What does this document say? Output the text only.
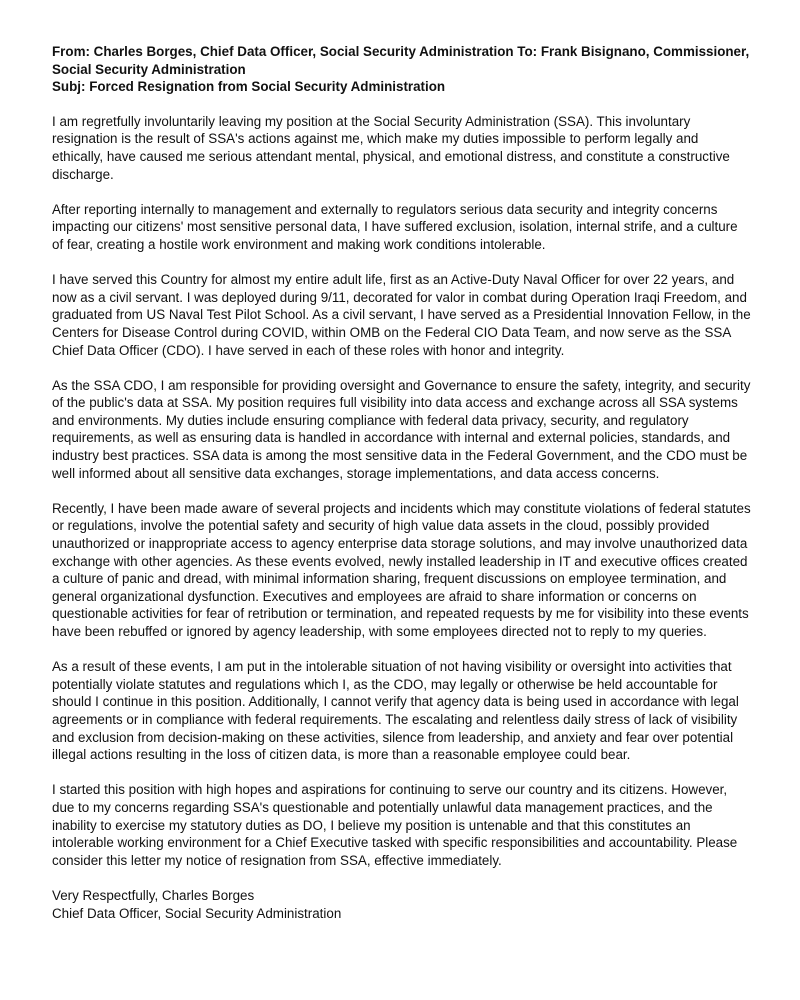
From: Charles Borges, Chief Data Officer, Social Security Administration To: Frank Bisignano, Commissioner, Social Security Administration
Subj: Forced Resignation from Social Security Administration

I am regretfully involuntarily leaving my position at the Social Security Administration (SSA). This involuntary resignation is the result of SSA's actions against me, which make my duties impossible to perform legally and ethically, have caused me serious attendant mental, physical, and emotional distress, and constitute a constructive discharge.

After reporting internally to management and externally to regulators serious data security and integrity concerns impacting our citizens' most sensitive personal data, I have suffered exclusion, isolation, internal strife, and a culture of fear, creating a hostile work environment and making work conditions intolerable.

I have served this Country for almost my entire adult life, first as an Active-Duty Naval Officer for over 22 years, and now as a civil servant. I was deployed during 9/11, decorated for valor in combat during Operation Iraqi Freedom, and graduated from US Naval Test Pilot School. As a civil servant, I have served as a Presidential Innovation Fellow, in the Centers for Disease Control during COVID, within OMB on the Federal CIO Data Team, and now serve as the SSA Chief Data Officer (CDO). I have served in each of these roles with honor and integrity.

As the SSA CDO, I am responsible for providing oversight and Governance to ensure the safety, integrity, and security of the public's data at SSA. My position requires full visibility into data access and exchange across all SSA systems and environments. My duties include ensuring compliance with federal data privacy, security, and regulatory requirements, as well as ensuring data is handled in accordance with internal and external policies, standards, and industry best practices. SSA data is among the most sensitive data in the Federal Government, and the CDO must be well informed about all sensitive data exchanges, storage implementations, and data access concerns.

Recently, I have been made aware of several projects and incidents which may constitute violations of federal statutes or regulations, involve the potential safety and security of high value data assets in the cloud, possibly provided unauthorized or inappropriate access to agency enterprise data storage solutions, and may involve unauthorized data exchange with other agencies. As these events evolved, newly installed leadership in IT and executive offices created a culture of panic and dread, with minimal information sharing, frequent discussions on employee termination, and general organizational dysfunction. Executives and employees are afraid to share information or concerns on questionable activities for fear of retribution or termination, and repeated requests by me for visibility into these events have been rebuffed or ignored by agency leadership, with some employees directed not to reply to my queries.

As a result of these events, I am put in the intolerable situation of not having visibility or oversight into activities that potentially violate statutes and regulations which I, as the CDO, may legally or otherwise be held accountable for should I continue in this position. Additionally, I cannot verify that agency data is being used in accordance with legal agreements or in compliance with federal requirements. The escalating and relentless daily stress of lack of visibility and exclusion from decision-making on these activities, silence from leadership, and anxiety and fear over potential illegal actions resulting in the loss of citizen data, is more than a reasonable employee could bear.

I started this position with high hopes and aspirations for continuing to serve our country and its citizens. However, due to my concerns regarding SSA's questionable and potentially unlawful data management practices, and the inability to exercise my statutory duties as DO, I believe my position is untenable and that this constitutes an intolerable working environment for a Chief Executive tasked with specific responsibilities and accountability. Please consider this letter my notice of resignation from SSA, effective immediately.

Very Respectfully, Charles Borges
Chief Data Officer, Social Security Administration
